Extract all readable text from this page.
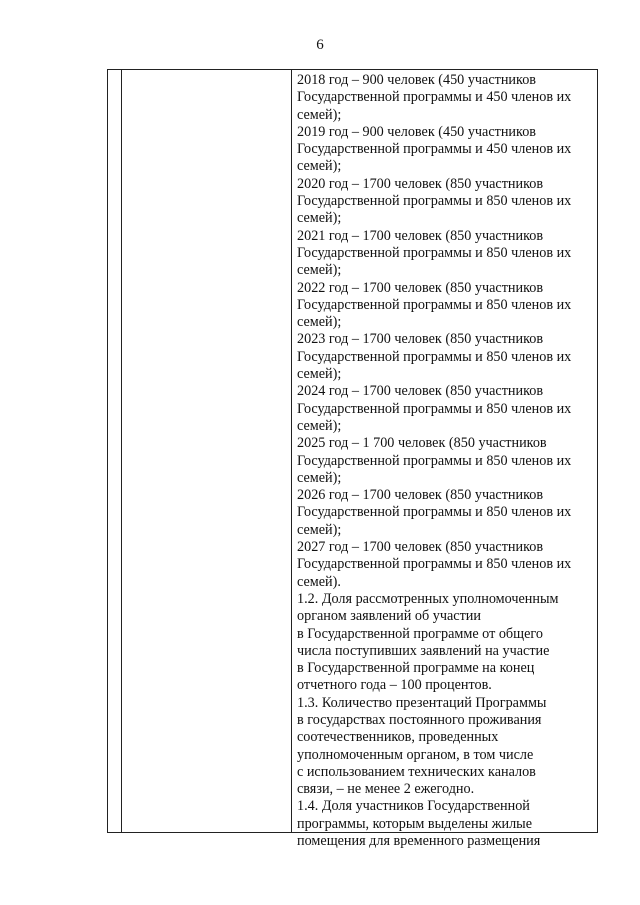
6
2018 год – 900 человек (450 участников
Государственной программы и 450 членов их
семей);
2019 год – 900 человек (450 участников
Государственной программы и 450 членов их
семей);
2020 год – 1700 человек (850 участников
Государственной программы и 850 членов их
семей);
2021 год – 1700 человек (850 участников
Государственной программы и 850 членов их
семей);
2022 год – 1700 человек (850 участников
Государственной программы и 850 членов их
семей);
2023 год – 1700 человек (850 участников
Государственной программы и 850 членов их
семей);
2024 год – 1700 человек (850 участников
Государственной программы и 850 членов их
семей);
2025 год – 1 700 человек (850 участников
Государственной программы и 850 членов их
семей);
2026 год – 1700 человек (850 участников
Государственной программы и 850 членов их
семей);
2027 год – 1700 человек (850 участников
Государственной программы и 850 членов их
семей).
1.2. Доля рассмотренных уполномоченным
органом заявлений об участии
в Государственной программе от общего
числа поступивших заявлений на участие
в Государственной программе на конец
отчетного года – 100 процентов.
1.3. Количество презентаций Программы
в государствах постоянного проживания
соотечественников, проведенных
уполномоченным органом, в том числе
с использованием технических каналов
связи, – не менее 2 ежегодно.
1.4. Доля участников Государственной
программы, которым выделены жилые
помещения для временного размещения
